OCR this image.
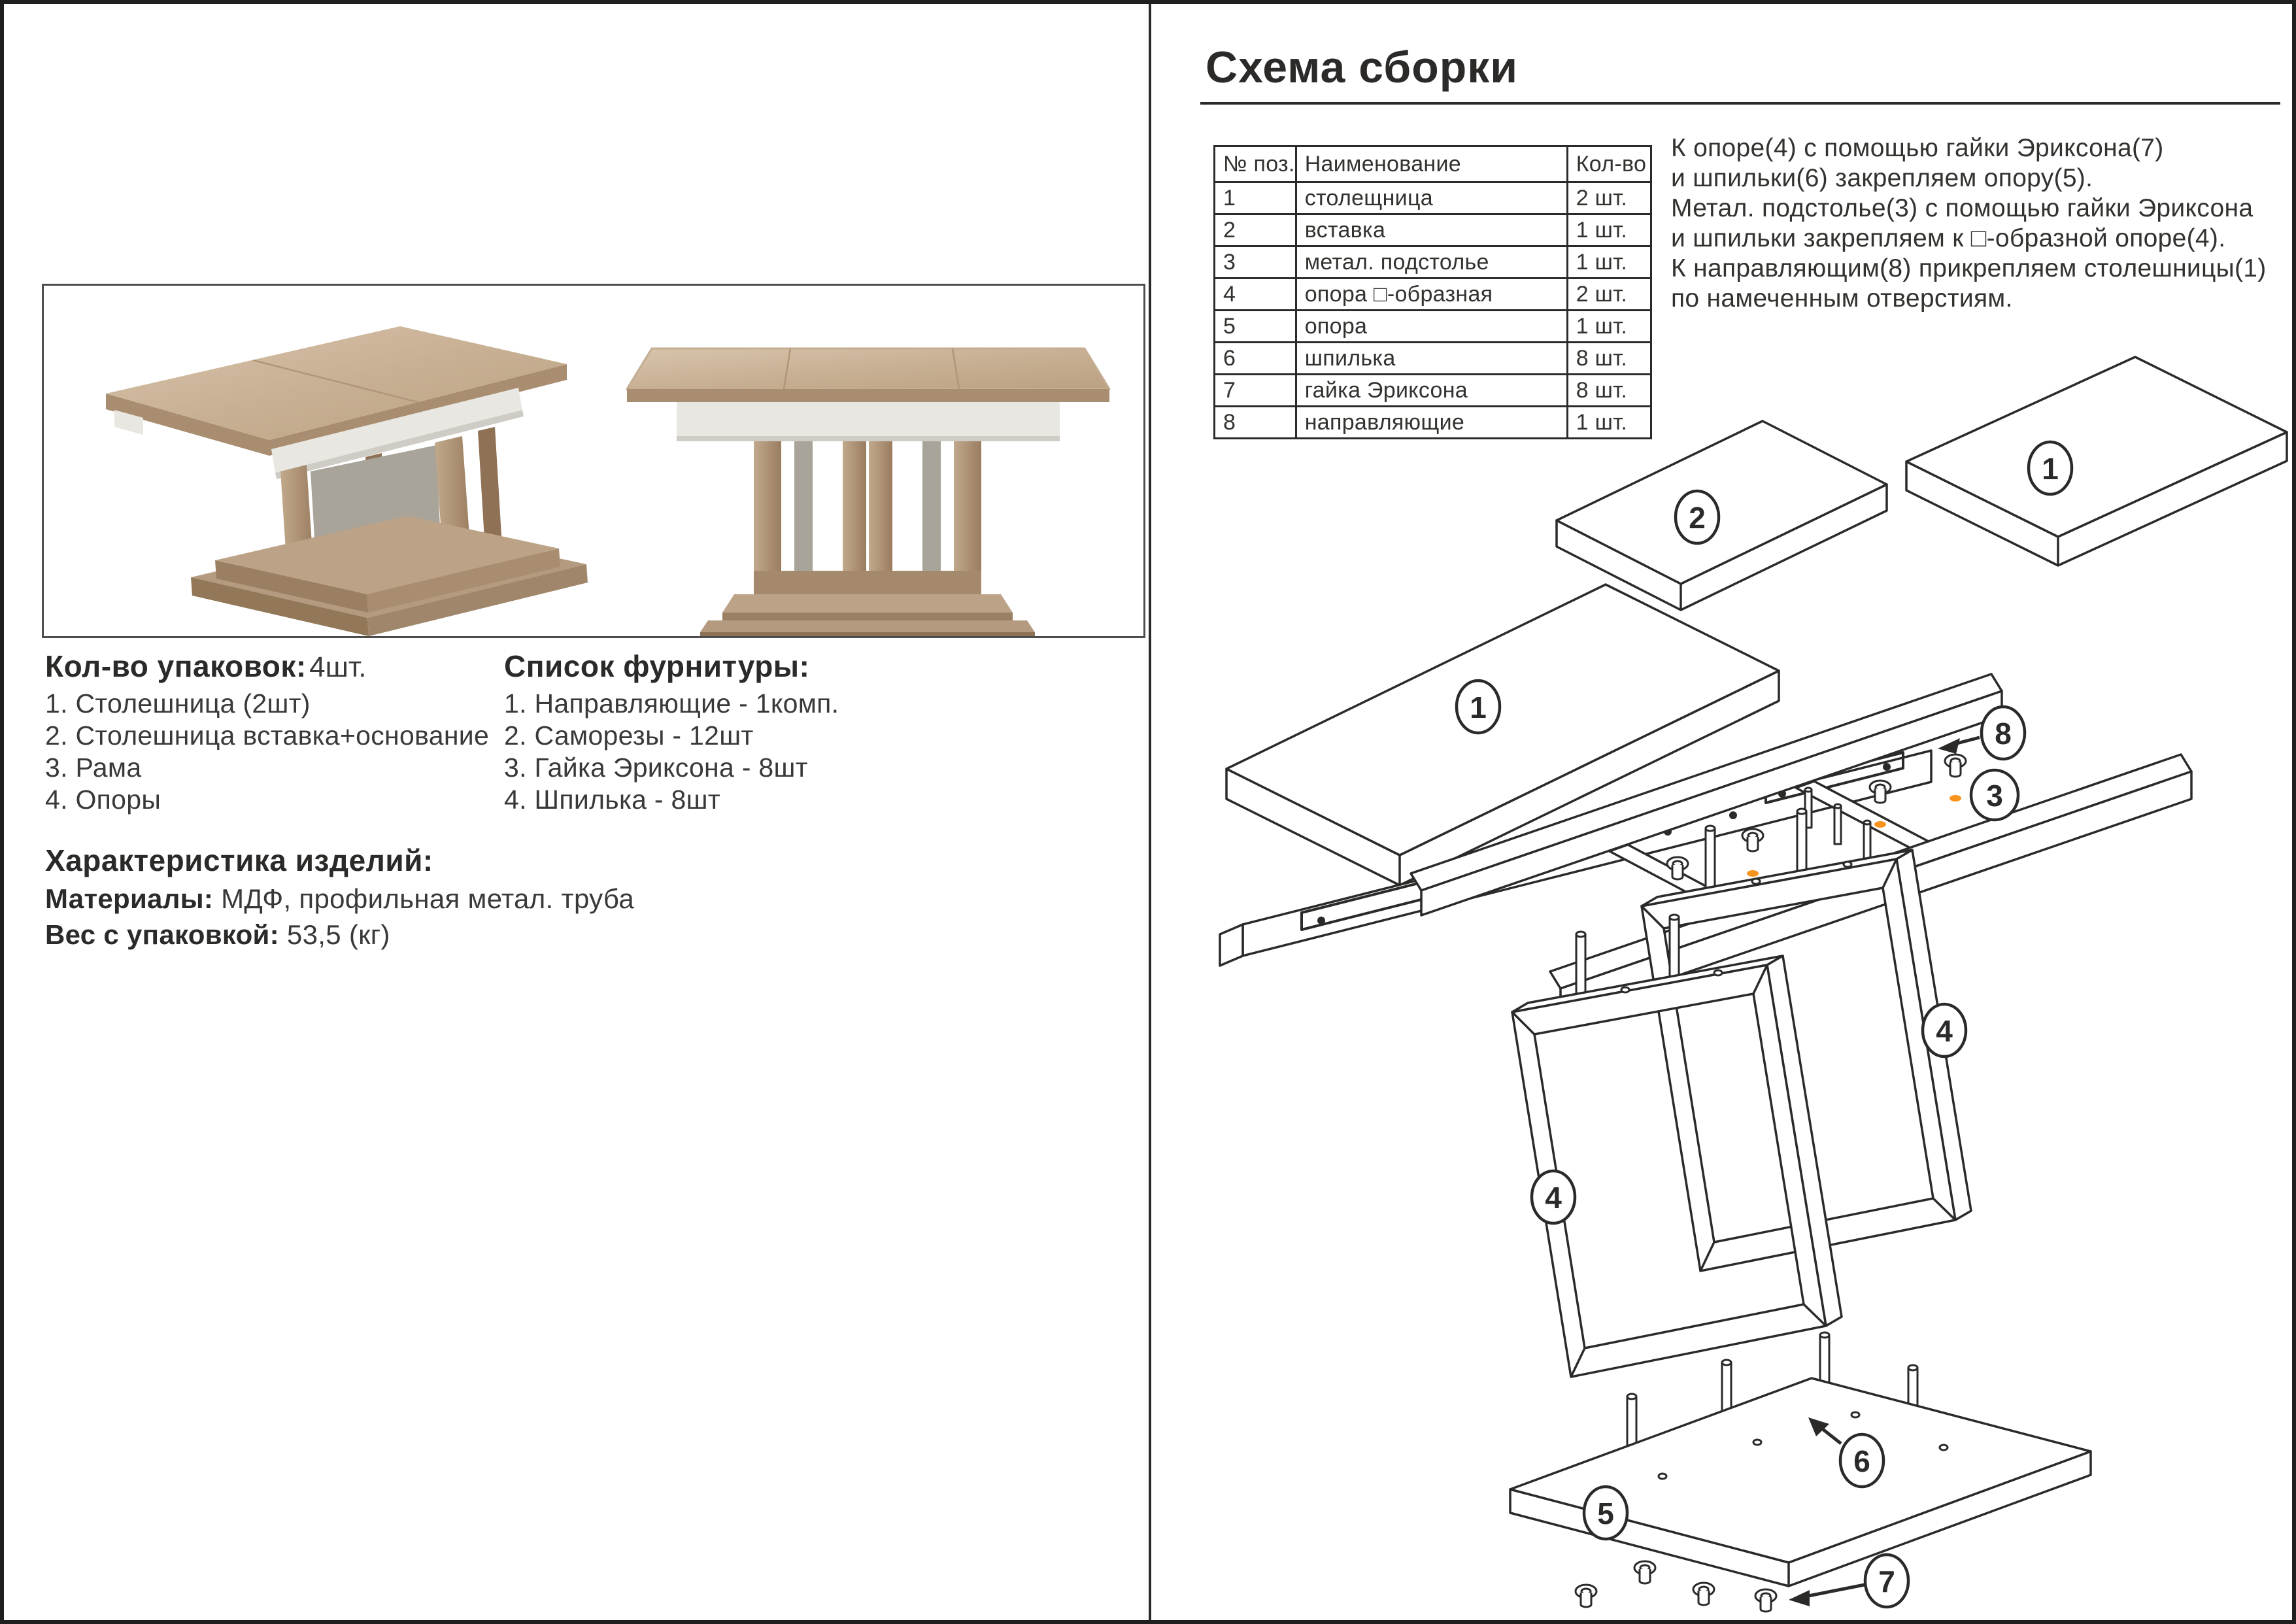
Кол-во упаковок: 4шт.
1. Столешница (2шт)
2. Столешница вставка+основание
3. Рама
4. Опоры
Список фурнитуры:
1. Направляющие - 1комп.
2. Саморезы - 12шт
3. Гайка Эриксона - 8шт
4. Шпилька - 8шт
Характеристика изделий:
Материалы: МДФ, профильная метал. труба
Вес с упаковкой: 53,5 (кг)
Схема сборки
№ поз.	Наименование	Кол-во
1	столещница	2 шт.
2	вставка	1 шт.
3	метал. подстолье	1 шт.
4	опора □-образная	2 шт.
5	опора	1 шт.
6	шпилька	8 шт.
7	гайка Эриксона	8 шт.
8	направляющие	1 шт.
К опоре(4) с помощью гайки Эриксона(7)
и шпильки(6) закрепляем опору(5).
Метал. подстолье(3) с помощью гайки Эриксона
и шпильки закрепляем к □-образной опоре(4).
К направляющим(8) прикрепляем столешницы(1)
по намеченным отверстиям.
1
2
1
8
3
4
4
5
6
7
